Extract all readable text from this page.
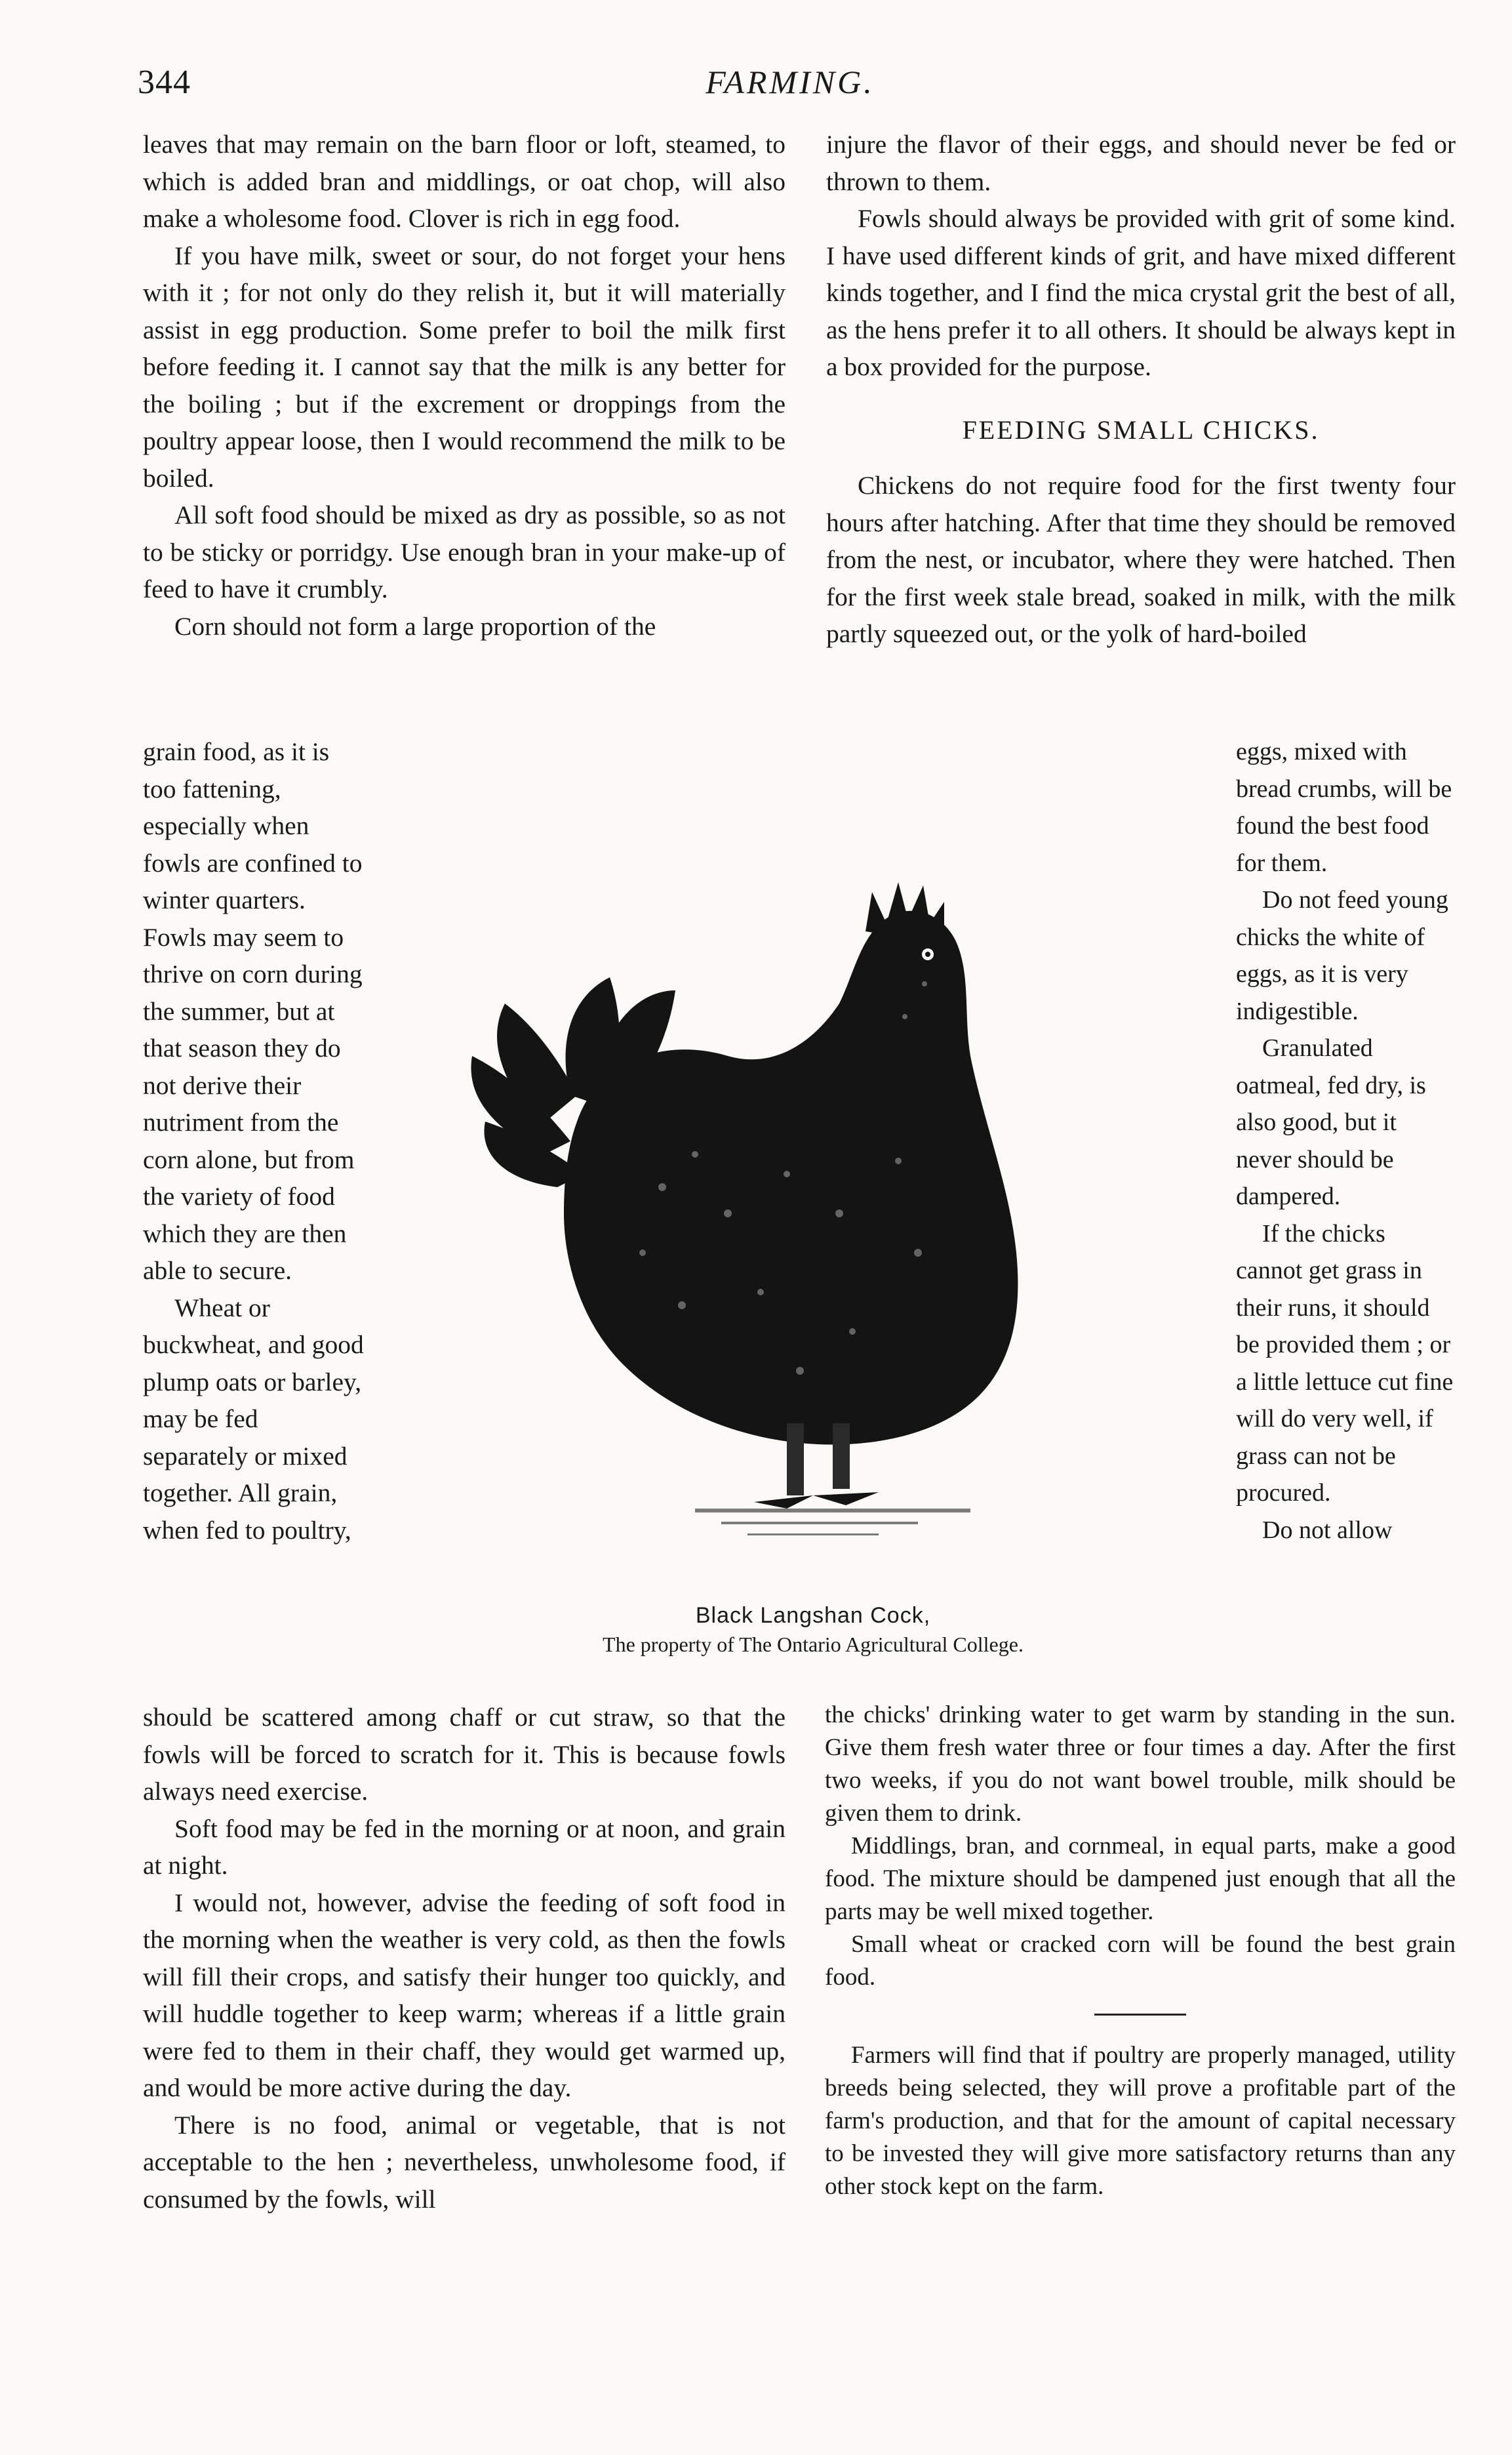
344	FARMING.

leaves that may remain on the barn floor or loft, steamed, to which is added bran and middlings, or oat chop, will also make a wholesome food. Clover is rich in egg food.

If you have milk, sweet or sour, do not forget your hens with it ; for not only do they relish it, but it will materially assist in egg production. Some prefer to boil the milk first before feeding it. I cannot say that the milk is any better for the boiling ; but if the excrement or droppings from the poultry appear loose, then I would recommend the milk to be boiled.

All soft food should be mixed as dry as possible, so as not to be sticky or porridgy. Use enough bran in your make-up of feed to have it crumbly.

Corn should not form a large proportion of the

grain food, as it is too fattening, especially when fowls are confined to winter quarters. Fowls may seem to thrive on corn during the summer, but at that season they do not derive their nutriment from the corn alone, but from the variety of food which they are then able to secure.

Wheat or buckwheat, and good plump oats or barley, may be fed separately or mixed together. All grain, when fed to poultry,

should be scattered among chaff or cut straw, so that the fowls will be forced to scratch for it. This is because fowls always need exercise.

Soft food may be fed in the morning or at noon, and grain at night.

I would not, however, advise the feeding of soft food in the morning when the weather is very cold, as then the fowls will fill their crops, and satisfy their hunger too quickly, and will huddle together to keep warm; whereas if a little grain were fed to them in their chaff, they would get warmed up, and would be more active during the day.

There is no food, animal or vegetable, that is not acceptable to the hen ; nevertheless, unwholesome food, if consumed by the fowls, will

injure the flavor of their eggs, and should never be fed or thrown to them.

Fowls should always be provided with grit of some kind. I have used different kinds of grit, and have mixed different kinds together, and I find the mica crystal grit the best of all, as the hens prefer it to all others. It should be always kept in a box provided for the purpose.

FEEDING SMALL CHICKS.

Chickens do not require food for the first twenty four hours after hatching. After that time they should be removed from the nest, or incubator, where they were hatched. Then for the first week stale bread, soaked in milk, with the milk partly squeezed out, or the yolk of hard-boiled

eggs, mixed with bread crumbs, will be found the best food for them.

Do not feed young chicks the white of eggs, as it is very indigestible.

Granulated oatmeal, fed dry, is also good, but it never should be dampered.

If the chicks cannot get grass in their runs, it should be provided them ; or a little lettuce cut fine will do very well, if grass can not be procured.

Do not allow

the chicks' drinking water to get warm by standing in the sun. Give them fresh water three or four times a day. After the first two weeks, if you do not want bowel trouble, milk should be given them to drink.

Middlings, bran, and cornmeal, in equal parts, make a good food. The mixture should be dampened just enough that all the parts may be well mixed together.

Small wheat or cracked corn will be found the best grain food.

Farmers will find that if poultry are properly managed, utility breeds being selected, they will prove a profitable part of the farm's production, and that for the amount of capital necessary to be invested they will give more satisfactory returns than any other stock kept on the farm.

Black Langshan Cock,
The property of The Ontario Agricultural College.
